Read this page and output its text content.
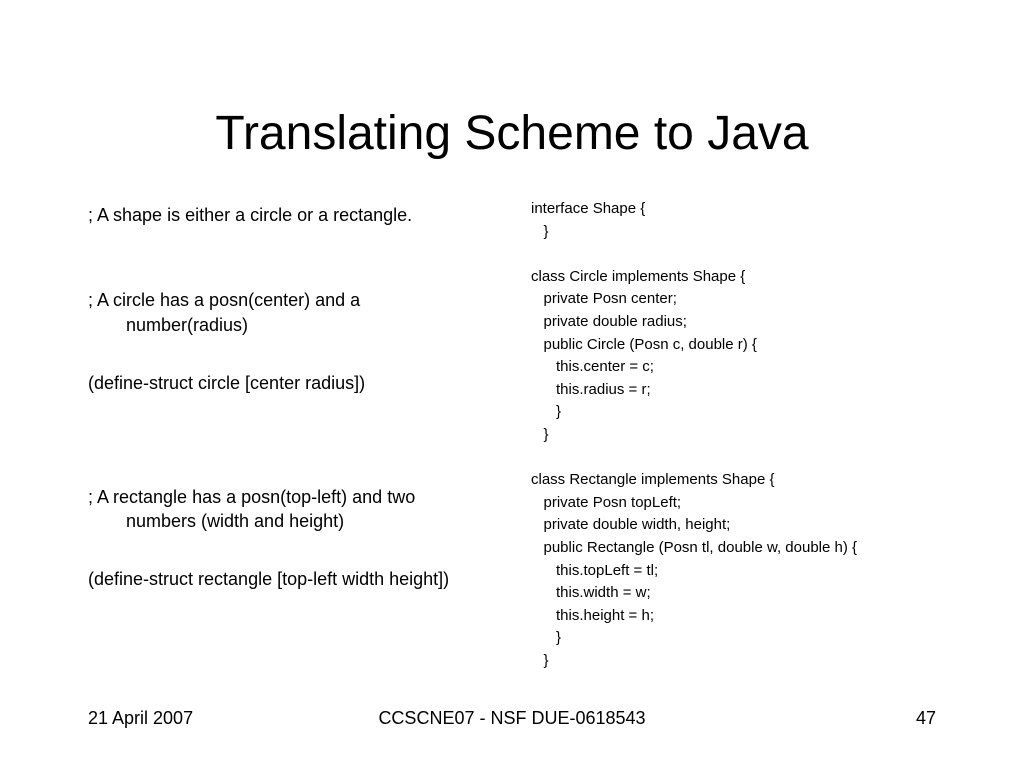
Translating Scheme to Java
; A shape is either a circle or a rectangle.
; A circle has a posn(center) and a
number(radius)
(define-struct circle [center radius])
; A rectangle has a posn(top-left) and two
numbers (width and height)
(define-struct rectangle [top-left width height])
interface Shape {
}
class Circle implements Shape {
private Posn center;
private double radius;
public Circle (Posn c, double r) {
this.center = c;
this.radius = r;
}
}
class Rectangle implements Shape {
private Posn topLeft;
private double width, height;
public Rectangle (Posn tl, double w, double h) {
this.topLeft = tl;
this.width = w;
this.height = h;
}
}
21 April 2007	CCSCNE07 - NSF DUE-0618543	47
